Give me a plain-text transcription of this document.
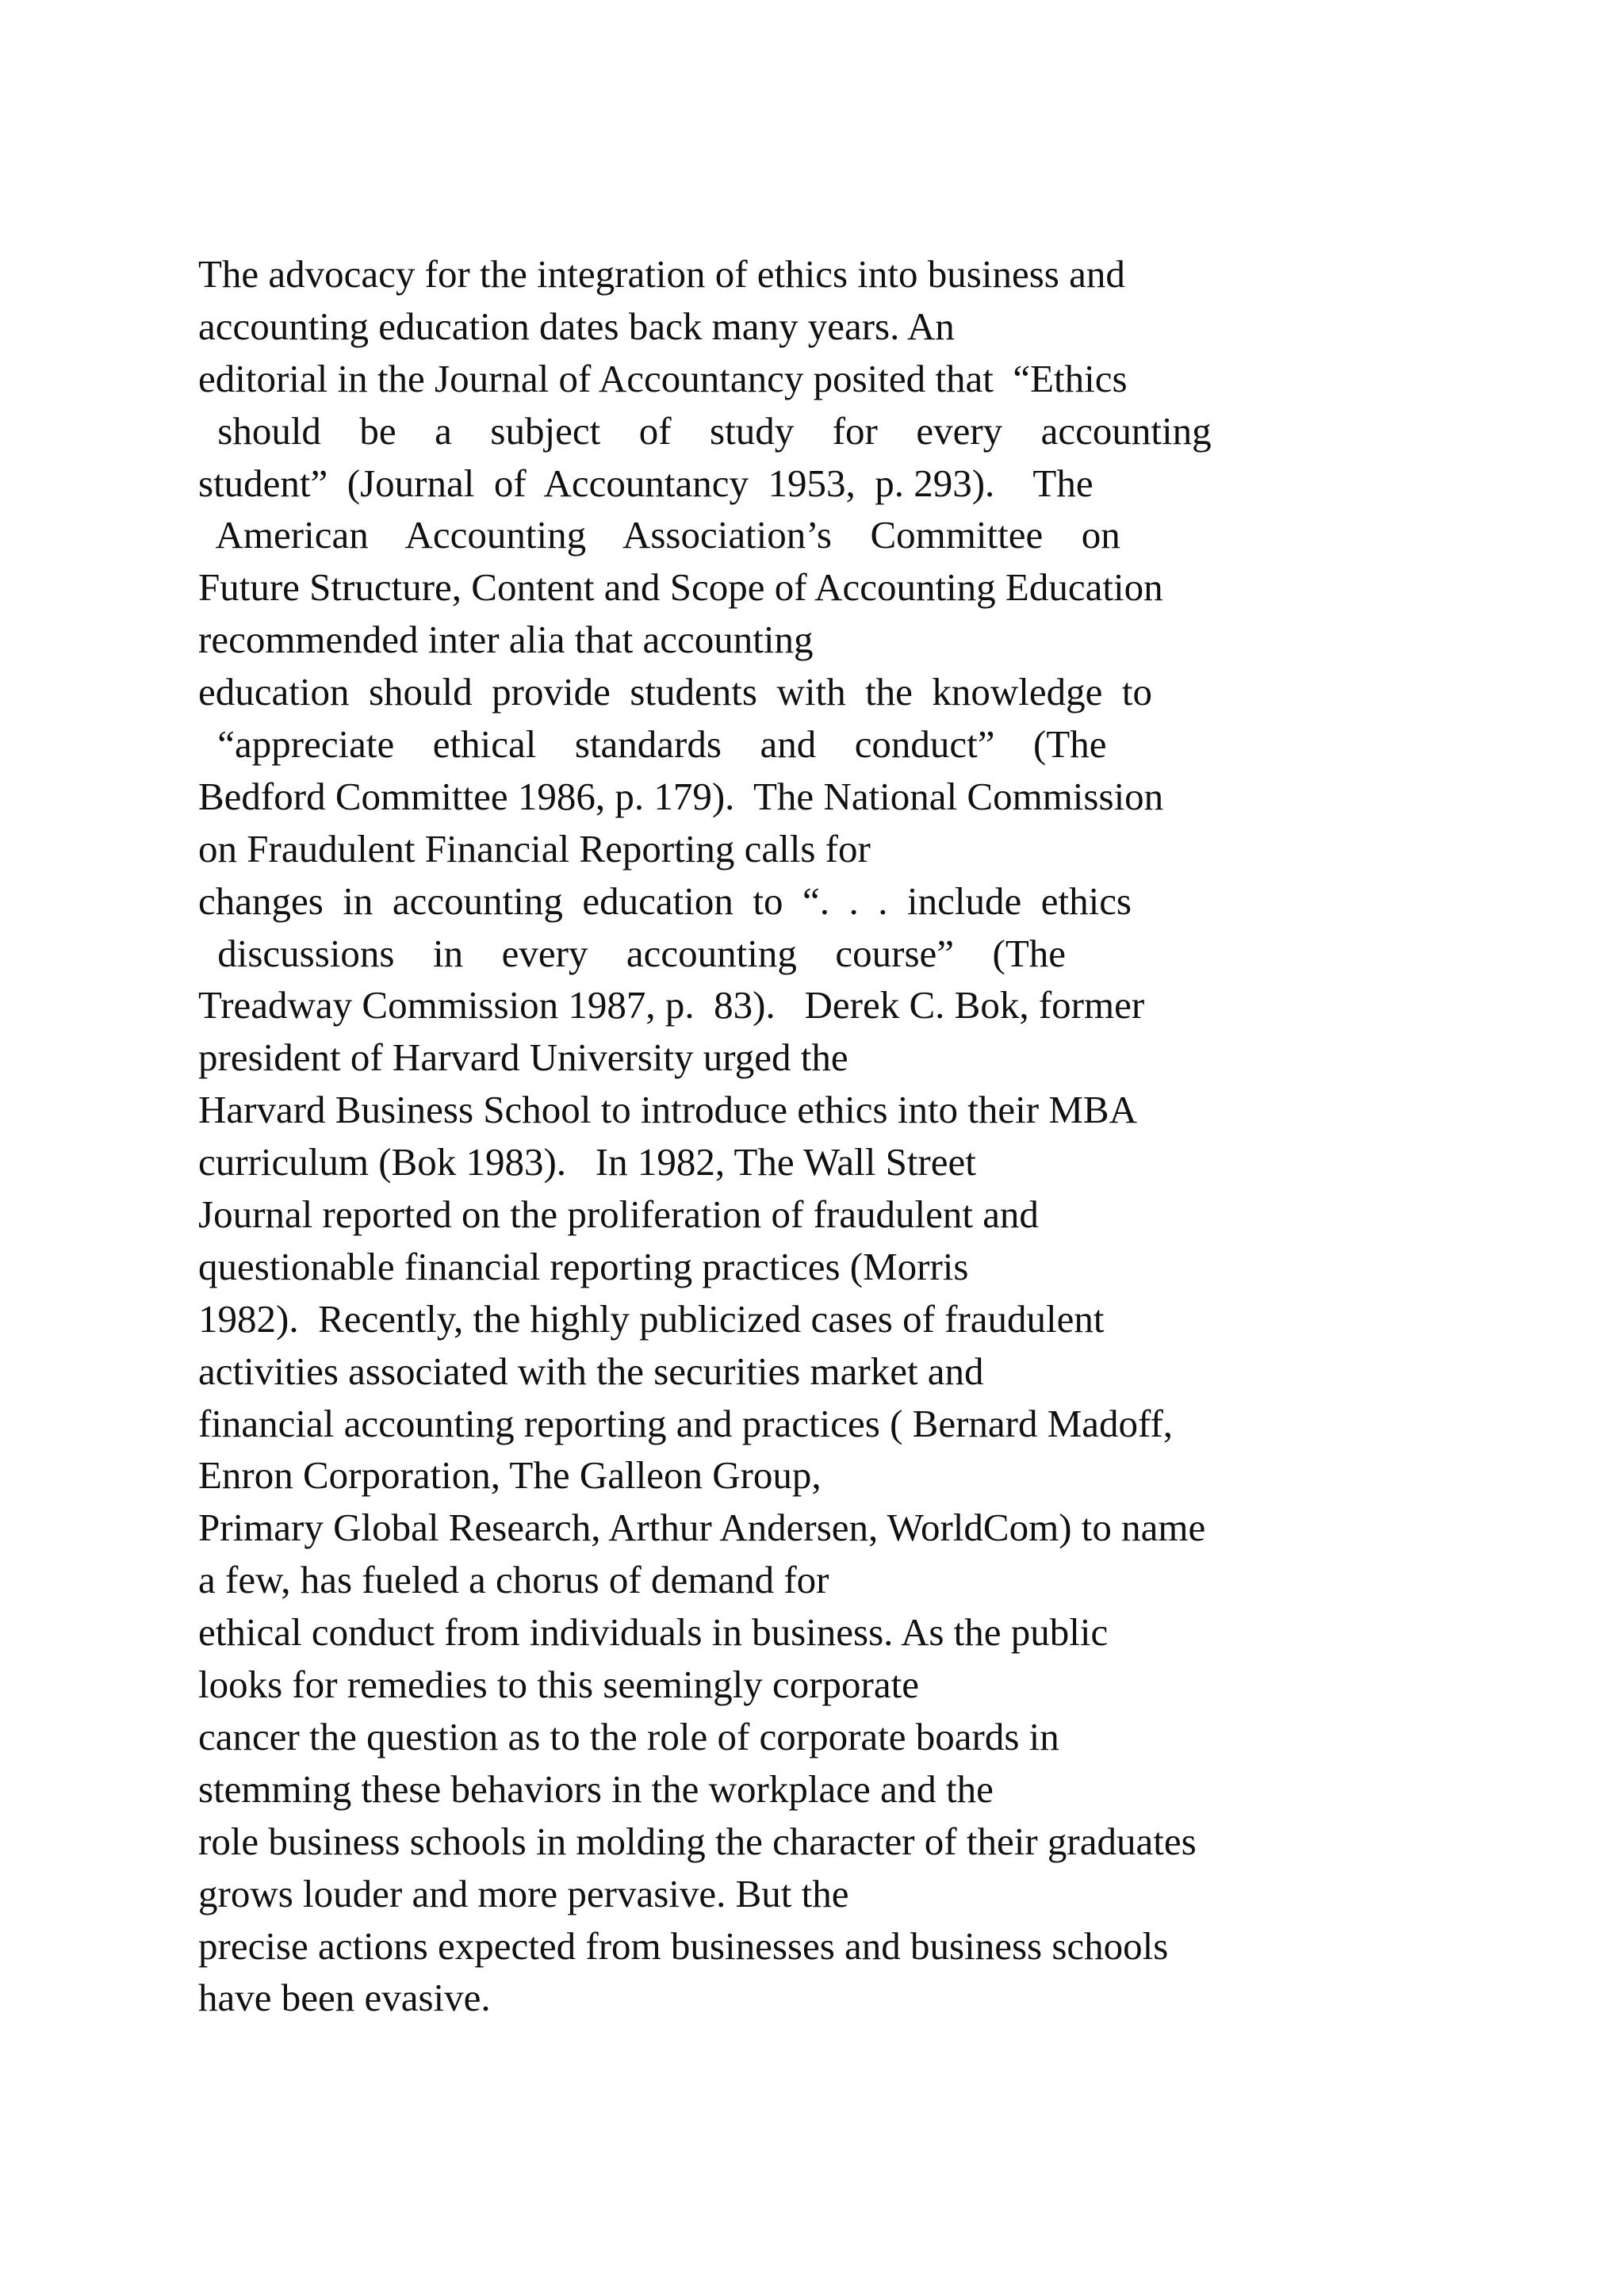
The advocacy for the integration of ethics into business and
accounting education dates back many years. An
editorial in the Journal of Accountancy posited that  “Ethics
should  be  a  subject  of  study  for  every  accounting
student”  (Journal  of  Accountancy  1953,  p. 293).    The
American  Accounting  Association’s  Committee  on
Future Structure, Content and Scope of Accounting Education
recommended inter alia that accounting
education  should  provide  students  with  the  knowledge  to
“appreciate  ethical  standards  and  conduct”  (The
Bedford Committee 1986, p. 179).  The National Commission
on Fraudulent Financial Reporting calls for
changes  in  accounting  education  to  “.  .  .  include  ethics
discussions  in  every  accounting  course”  (The
Treadway Commission 1987, p.  83).   Derek C. Bok, former
president of Harvard University urged the
Harvard Business School to introduce ethics into their MBA
curriculum (Bok 1983).   In 1982, The Wall Street
Journal reported on the proliferation of fraudulent and
questionable financial reporting practices (Morris
1982).  Recently, the highly publicized cases of fraudulent
activities associated with the securities market and
financial accounting reporting and practices ( Bernard Madoff,
Enron Corporation, The Galleon Group,
Primary Global Research, Arthur Andersen, WorldCom) to name
a few, has fueled a chorus of demand for
ethical conduct from individuals in business. As the public
looks for remedies to this seemingly corporate
cancer the question as to the role of corporate boards in
stemming these behaviors in the workplace and the
role business schools in molding the character of their graduates
grows louder and more pervasive. But the
precise actions expected from businesses and business schools
have been evasive.
